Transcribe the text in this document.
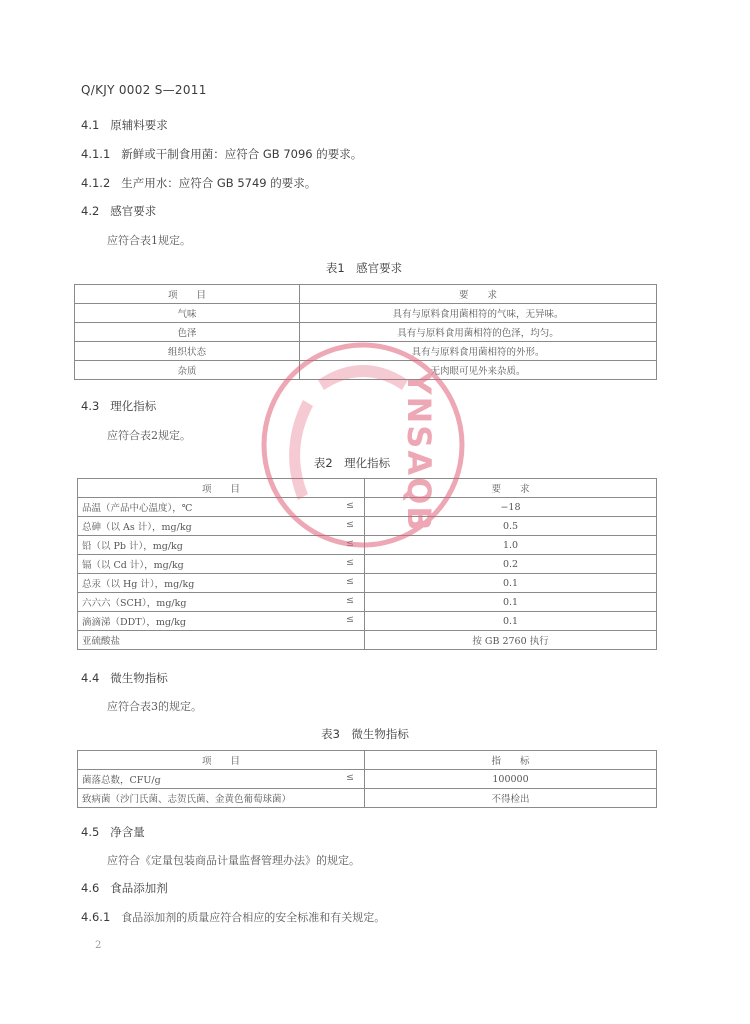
Q/KJY 0002 S—2011
4.1 原辅料要求
4.1.1 新鲜或干制食用菌：应符合 GB 7096 的要求。
4.1.2 生产用水：应符合 GB 5749 的要求。
4.2 感官要求
应符合表1规定。
表1　感官要求
项　　目	要　　求
气味	具有与原料食用菌相符的气味，无异味。
色泽	具有与原料食用菌相符的色泽，均匀。
组织状态	具有与原料食用菌相符的外形。
杂质	无肉眼可见外来杂质。
4.3 理化指标
应符合表2规定。
表2　理化指标
项　　目	要　　求
品温（产品中心温度），℃ ≤	−18
总砷（以 As 计），mg/kg ≤	0.5
铅（以 Pb 计），mg/kg ≤	1.0
镉（以 Cd 计），mg/kg ≤	0.2
总汞（以 Hg 计），mg/kg ≤	0.1
六六六（SCH），mg/kg ≤	0.1
滴滴涕（DDT），mg/kg ≤	0.1
亚硫酸盐	按 GB 2760 执行
4.4 微生物指标
应符合表3的规定。
表3　微生物指标
项　　目	指　　标
菌落总数，CFU/g ≤	100000
致病菌（沙门氏菌、志贺氏菌、金黄色葡萄球菌）	不得检出
4.5 净含量
应符合《定量包装商品计量监督管理办法》的规定。
4.6 食品添加剂
4.6.1 食品添加剂的质量应符合相应的安全标准和有关规定。
2
YNSAQB
